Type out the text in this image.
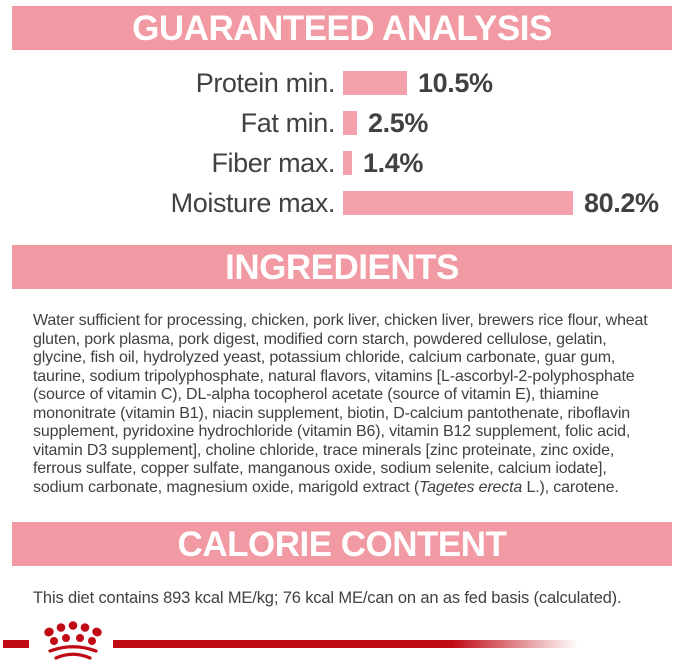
GUARANTEED ANALYSIS
Protein min.	10.5%
Fat min. 2.5%
Fiber max. 1.4%
Moisture max.	80.2%
INGREDIENTS

Water sufficient for processing, chicken, pork liver, chicken liver, brewers rice flour, wheat gluten, pork plasma, pork digest, modified corn starch, powdered cellulose, gelatin, glycine, fish oil, hydrolyzed yeast, potassium chloride, calcium carbonate, guar gum, taurine, sodium tripolyphosphate, natural flavors, vitamins [L-ascorbyl-2-polyphosphate (source of vitamin C), DL-alpha tocopherol acetate (source of vitamin E), thiamine mononitrate (vitamin B1), niacin supplement, biotin, D-calcium pantothenate, riboflavin supplement, pyridoxine hydrochloride (vitamin B6), vitamin B12 supplement, folic acid, vitamin D3 supplement], choline chloride, trace minerals [zinc proteinate, zinc oxide, ferrous sulfate, copper sulfate, manganous oxide, sodium selenite, calcium iodate], sodium carbonate, magnesium oxide, marigold extract (Tagetes erecta L.), carotene.

CALORIE CONTENT

This diet contains 893 kcal ME/kg; 76 kcal ME/can on an as fed basis (calculated).
